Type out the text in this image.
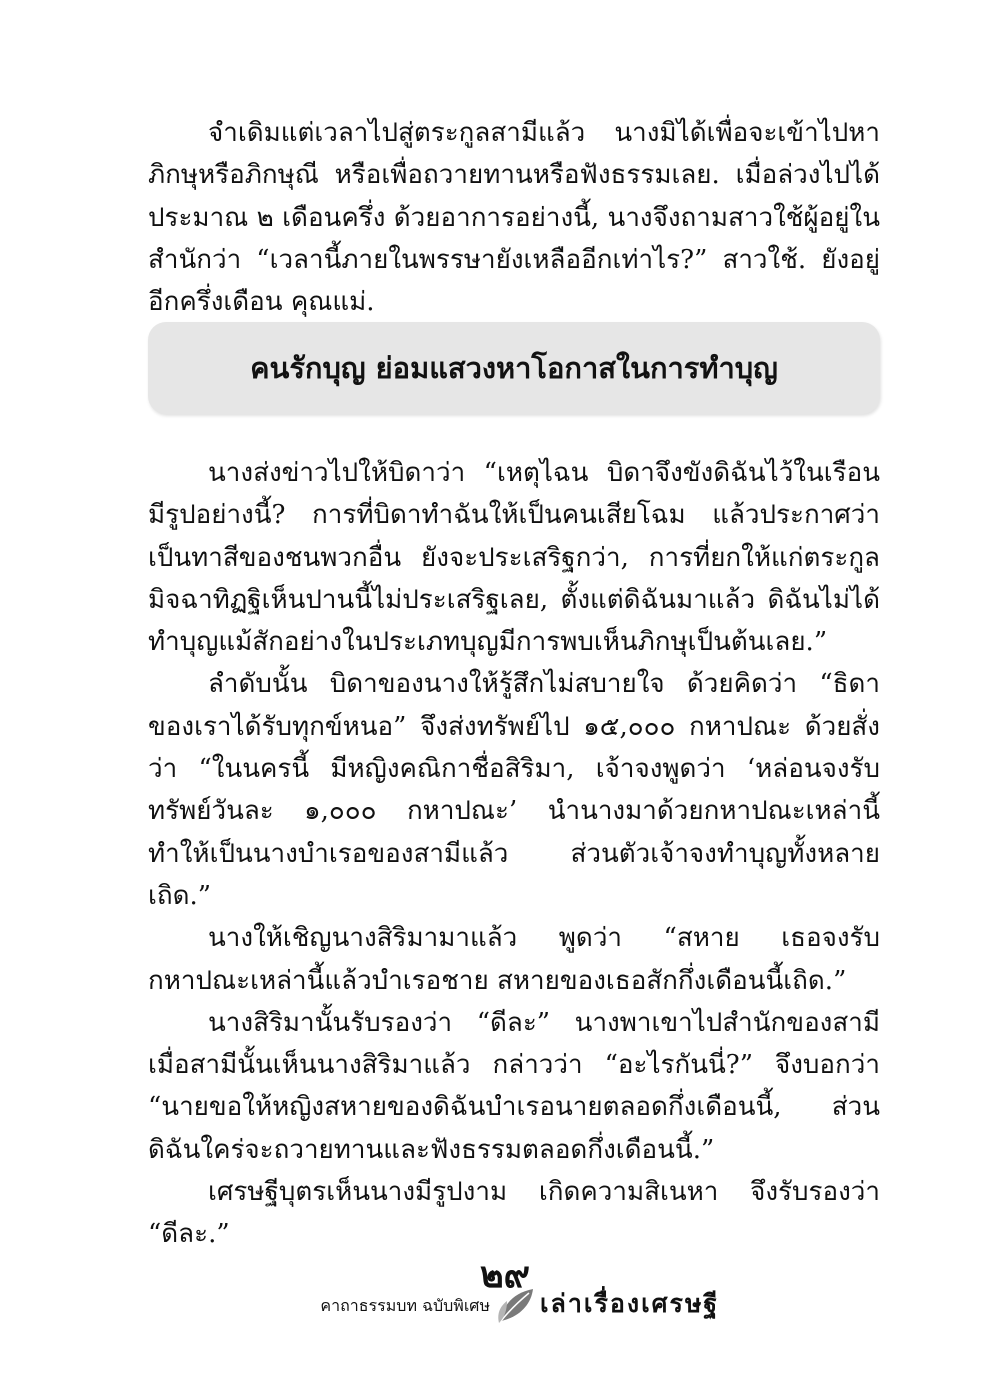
จำเดิมแต่เวลาไปสู่ตระกูลสามีแล้ว นางมิได้เพื่อจะเข้าไปหาภิกษุหรือภิกษุณี หรือเพื่อถวายทานหรือฟังธรรมเลย. เมื่อล่วงไปได้ประมาณ ๒ เดือนครึ่ง ด้วยอาการอย่างนี้, นางจึงถามสาวใช้ผู้อยู่ในสำนักว่า “เวลานี้ภายในพรรษายังเหลืออีกเท่าไร?” สาวใช้. ยังอยู่อีกครึ่งเดือน คุณแม่.

คนรักบุญ ย่อมแสวงหาโอกาสในการทำบุญ

นางส่งข่าวไปให้บิดาว่า “เหตุไฉน บิดาจึงขังดิฉันไว้ในเรือน มีรูปอย่างนี้? การที่บิดาทำฉันให้เป็นคนเสียโฉม แล้วประกาศว่า เป็นทาสีของชนพวกอื่น ยังจะประเสริฐกว่า, การที่ยกให้แก่ตระกูลมิจฉาทิฏฐิเห็นปานนี้ไม่ประเสริฐเลย, ตั้งแต่ดิฉันมาแล้ว ดิฉันไม่ได้ทำบุญแม้สักอย่างในประเภทบุญมีการพบเห็นภิกษุเป็นต้นเลย.”

ลำดับนั้น บิดาของนางให้รู้สึกไม่สบายใจ ด้วยคิดว่า “ธิดาของเราได้รับทุกข์หนอ” จึงส่งทรัพย์ไป ๑๕,๐๐๐ กหาปณะ ด้วยสั่งว่า “ในนครนี้ มีหญิงคณิกาชื่อสิริมา, เจ้าจงพูดว่า ‘หล่อนจงรับทรัพย์วันละ ๑,๐๐๐ กหาปณะ’ นำนางมาด้วยกหาปณะเหล่านี้ ทำให้เป็นนางบำเรอของสามีแล้ว ส่วนตัวเจ้าจงทำบุญทั้งหลายเถิด.”

นางให้เชิญนางสิริมามาแล้ว พูดว่า “สหาย เธอจงรับกหาปณะเหล่านี้แล้วบำเรอชาย สหายของเธอสักกึ่งเดือนนี้เถิด.”

นางสิริมานั้นรับรองว่า “ดีละ” นางพาเขาไปสำนักของสามี เมื่อสามีนั้นเห็นนางสิริมาแล้ว กล่าวว่า “อะไรกันนี่?” จึงบอกว่า “นายขอให้หญิงสหายของดิฉันบำเรอนายตลอดกึ่งเดือนนี้, ส่วนดิฉันใคร่จะถวายทานและฟังธรรมตลอดกึ่งเดือนนี้.”

เศรษฐีบุตรเห็นนางมีรูปงาม เกิดความสิเนหา จึงรับรองว่า “ดีละ.”

๒๙
คาถาธรรมบท ฉบับพิเศษ เล่าเรื่องเศรษฐี
